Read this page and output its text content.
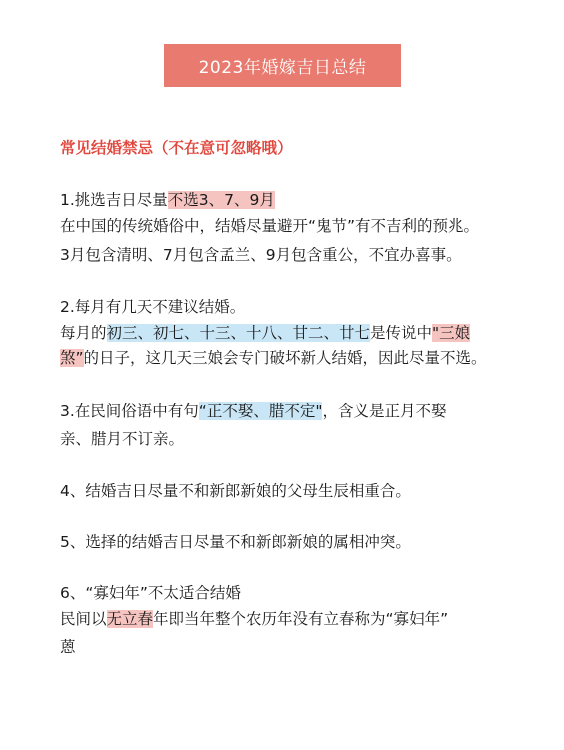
2023年婚嫁吉日总结
常见结婚禁忌（不在意可忽略哦）
1.挑选吉日尽量不选3、7、9月
在中国的传统婚俗中，结婚尽量避开“鬼节”有不吉利的预兆。
3月包含清明、7月包含孟兰、9月包含重公，不宜办喜事。
2.每月有几天不建议结婚。
每月的初三、初七、十三、十八、甘二、廿七是传说中"三娘
煞”的日子，这几天三娘会专门破坏新人结婚，因此尽量不选。
3.在民间俗语中有句“正不娶、腊不定"，含义是正月不娶
亲、腊月不订亲。
4、结婚吉日尽量不和新郎新娘的父母生辰相重合。
5、选择的结婚吉日尽量不和新郎新娘的属相冲突。
6、“寡妇年”不太适合结婚
民间以无立春年即当年整个农历年没有立春称为“寡妇年”
蒽
